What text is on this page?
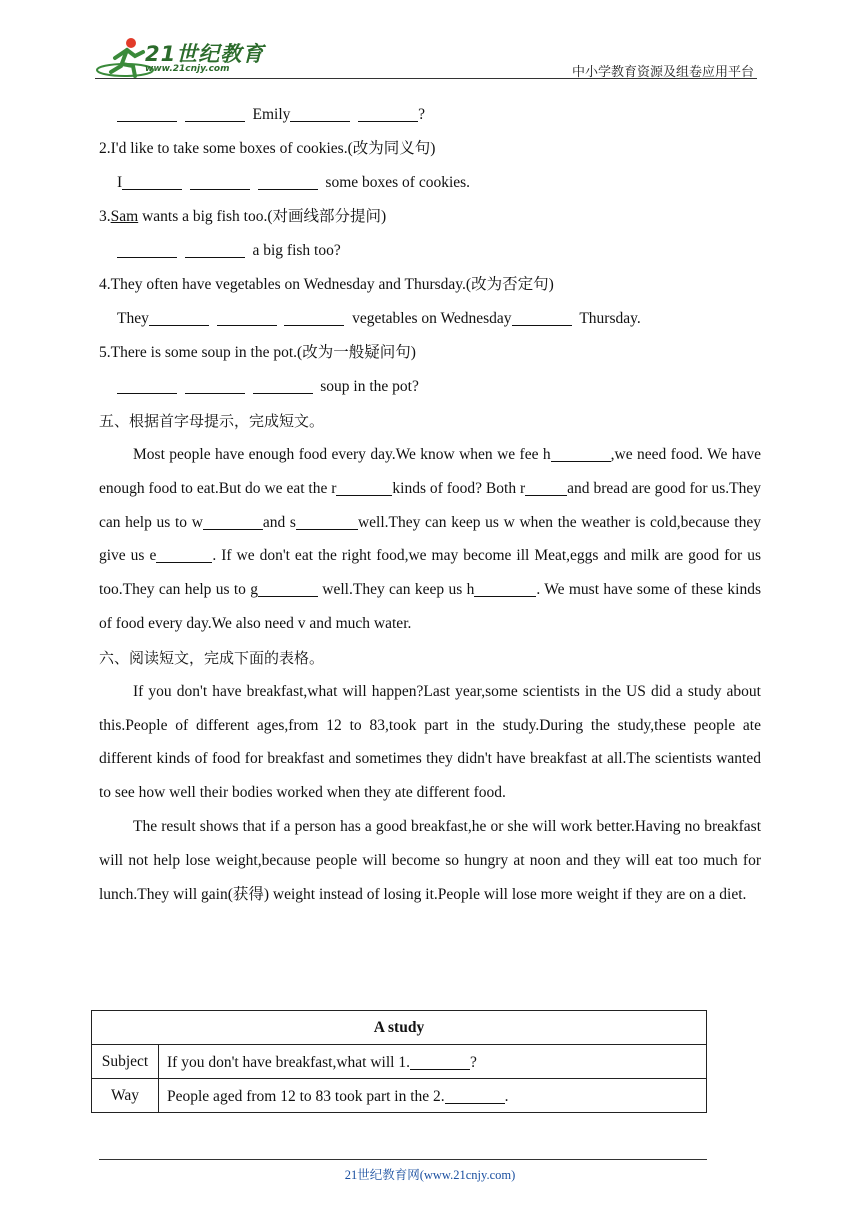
21世纪教育
www.21cnjy.com	中小学教育资源及组卷应用平台
Emily	?
2.I'd like to take some boxes of cookies.(改为同义句)
I	some boxes of cookies.
3.Sam wants a big fish too.(对画线部分提问)
a big fish too?
4.They often have vegetables on Wednesday and Thursday.(改为否定句)
They	vegetables on Wednesday	Thursday.
5.There is some soup in the pot.(改为一般疑问句)
soup in the pot?
五、根据首字母提示，完成短文。

Most people have enough food every day.We know when we fee h	,we need food. We have enough food to eat.But do we eat the r	kinds of food? Both r	and bread are good for us.They can help us to w	and s	well.They can keep us w when the weather is cold,because they give us e	. If we don't eat the right food,we may become ill Meat,eggs and milk are good for us too.They can help us to g	well.They can keep us h	. We must have some of these kinds of food every day.We also need v and much water.

六、阅读短文，完成下面的表格。

If you don't have breakfast,what will happen?Last year,some scientists in the US did a study about this.People of different ages,from 12 to 83,took part in the study.During the study,these people ate different kinds of food for breakfast and sometimes they didn't have breakfast at all.The scientists wanted to see how well their bodies worked when they ate different food.

The result shows that if a person has a good breakfast,he or she will work better.Having no breakfast will not help lose weight,because people will become so hungry at noon and they will eat too much for lunch.They will gain(获得) weight instead of losing it.People will lose more weight if they are on a diet.

A study	
Subject	If you don't have breakfast,what will 1. ?
Way	People aged from 12 to 83 took part in the 2. .
21世纪教育网(www.21cnjy.com)
